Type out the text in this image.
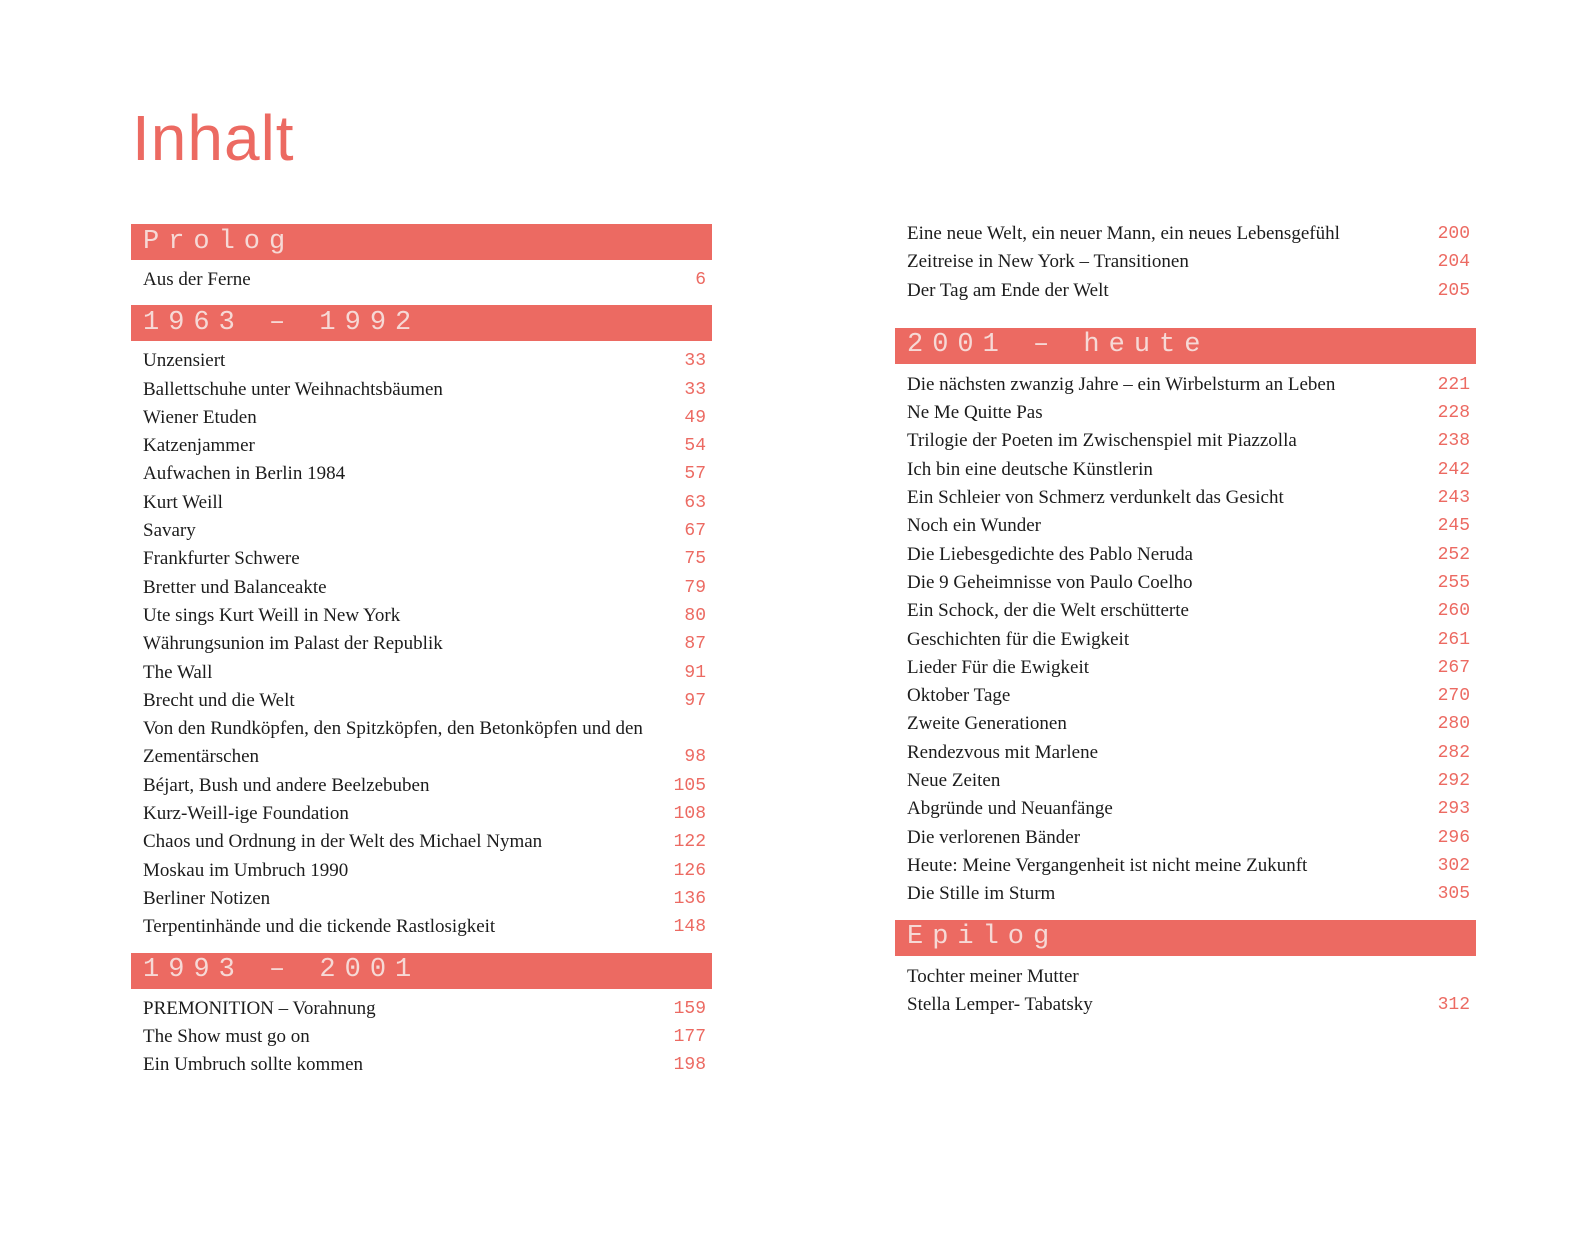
Inhalt
Prolog
Aus der Ferne	6
1963 – 1992
Unzensiert	33
Ballettschuhe unter Weihnachtsbäumen	33
Wiener Etuden	49
Katzenjammer	54
Aufwachen in Berlin 1984	57
Kurt Weill	63
Savary	67
Frankfurter Schwere	75
Bretter und Balanceakte	79
Ute sings Kurt Weill in New York	80
Währungsunion im Palast der Republik	87
The Wall	91
Brecht und die Welt	97
Von den Rundköpfen, den Spitzköpfen, den Betonköpfen und den Zementärschen	98
Béjart, Bush und andere Beelzebuben	105
Kurz-Weill-ige Foundation	108
Chaos und Ordnung in der Welt des Michael Nyman	122
Moskau im Umbruch 1990	126
Berliner Notizen	136
Terpentinhände und die tickende Rastlosigkeit	148
1993 – 2001
PREMONITION – Vorahnung	159
The Show must go on	177
Ein Umbruch sollte kommen	198
Eine neue Welt, ein neuer Mann, ein neues Lebensgefühl	200
Zeitreise in New York – Transitionen	204
Der Tag am Ende der Welt	205
2001 – heute
Die nächsten zwanzig Jahre – ein Wirbelsturm an Leben	221
Ne Me Quitte Pas	228
Trilogie der Poeten im Zwischenspiel mit Piazzolla	238
Ich bin eine deutsche Künstlerin	242
Ein Schleier von Schmerz verdunkelt das Gesicht	243
Noch ein Wunder	245
Die Liebesgedichte des Pablo Neruda	252
Die 9 Geheimnisse von Paulo Coelho	255
Ein Schock, der die Welt erschütterte	260
Geschichten für die Ewigkeit	261
Lieder Für die Ewigkeit	267
Oktober Tage	270
Zweite Generationen	280
Rendezvous mit Marlene	282
Neue Zeiten	292
Abgründe und Neuanfänge	293
Die verlorenen Bänder	296
Heute: Meine Vergangenheit ist nicht meine Zukunft	302
Die Stille im Sturm	305
Epilog
Tochter meiner Mutter
Stella Lemper- Tabatsky	312
